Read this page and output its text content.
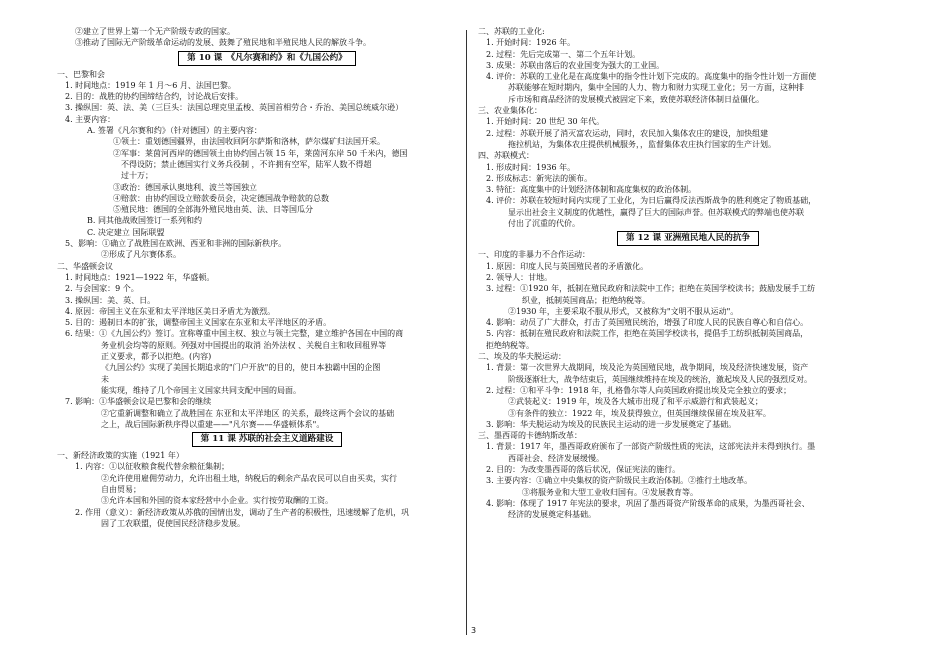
②建立了世界上第一个无产阶级专政的国家。
③推动了国际无产阶级革命运动的发展、鼓舞了殖民地和半殖民地人民的解放斗争。
第 10 课　《凡尔赛和约》和《九国公约》
一、巴黎和会
1. 时间地点：1919 年 1 月～6 月、法国巴黎。
2. 目的：战胜的协约国缔结合约，讨论战后安排。
3. 操纵国：英、法、美（三巨头：法国总理克里孟梭、英国首相劳合・乔治、美国总统威尔逊）
4. 主要内容：
A. 签署《凡尔赛和约》（针对德国）的主要内容：
①领土：重划德国疆界，由法国收回阿尔萨斯和洛林，萨尔煤矿归法国开采。
②军事：莱茵河西岸的德国领土由协约国占领 15 年，莱茵河东岸 50 千米内，德国
不得设防；禁止德国实行义务兵役制 ，不许拥有空军，陆军人数不得超
过十万；
③政治：德国承认奥地利、波兰等国独立
④赔款：由协约国设立赔款委员会，决定德国战争赔款的总数
⑤殖民地：德国的全部海外殖民地由英、法、日等国瓜分
B. 同其他战败国签订一系列和约
C. 决定建立 国际联盟
5、影响：①确立了战胜国在欧洲、西亚和非洲的国际新秩序。
②形成了凡尔赛体系。
二、华盛顿会议
1. 时间地点：1921—1922 年，华盛顿。
2. 与会国家：9 个。
3. 操纵国：美、英、日。
4. 原因：帝国主义在东亚和太平洋地区美日矛盾尤为激烈。
5. 目的：遏制日本的扩张，调整帝国主义国家在东亚和太平洋地区的矛盾。
6. 结果：①《九国公约》签订。宣称尊重中国主权、独立与领土完整，建立维护各国在中国的商
务业机会均等的原则。列强对中国提出的取消 治外法权 、关税自主和收回租界等
正义要求，都予以拒绝。(内容)
《九国公约》实现了美国长期追求的"门户开放"的目的，使日本独霸中国的企图
未
能实现，维持了几个帝国主义国家共同支配中国的局面。
7. 影响：①华盛顿会议是巴黎和会的继续
②它重新调整和确立了战胜国在 东亚和太平洋地区 的关系，最终这两个会议的基础
之上，战后国际新秩序得以重建——"凡尔赛——华盛顿体系"。
第 11 课 苏联的社会主义道路建设
一、新经济政策的实施（1921 年）
1. 内容：①以征收粮食税代替余粮征集制；
②允许使用雇佣劳动力，允许出租土地，纳税后的剩余产品农民可以自由买卖，实行
自由贸易；
③允许本国和外国的资本家经营中小企业。实行按劳取酬的工资。
2. 作用（意义）：新经济政策从苏俄的国情出发，调动了生产者的积极性，迅速缓解了危机，巩
固了工农联盟，促使国民经济稳步发展。
二、苏联的工业化:
1. 开始时间：1926 年。
2. 过程：先后完成第一、第二个五年计划。
3. 成果：苏联由落后的农业国变为强大的工业国。
4. 评价：苏联的工业化是在高度集中的指令性计划下完成的。高度集中的指令性计划一方面使
苏联能够在短时期内，集中全国的人力、物力和财力实现工业化；另一方面，这种排
斥市场和商品经济的发展模式被固定下来，致使苏联经济体制日益僵化。
三、农业集体化：
1. 开始时间：20 世纪 30 年代。
2. 过程：苏联开展了消灭富农运动，同时，农民加入集体农庄的建设，加快组建
拖拉机站，为集体农庄提供机械服务，，监督集体农庄执行国家的生产计划。
四、苏联模式：
1. 形成时间：1936 年。
2. 形成标志：新宪法的颁布。
3. 特征：高度集中的计划经济体制和高度集权的政治体制。
4. 评价：苏联在较短时间内实现了工业化，为日后赢得反法西斯战争的胜利奠定了物质基础，
显示出社会主义制度的优越性，赢得了巨大的国际声誉。但苏联模式的弊端也使苏联
付出了沉重的代价。
第 12 课 亚洲殖民地人民的抗争
一、印度的非暴力不合作运动：
1. 原因：印度人民与英国殖民者的矛盾激化。
2. 领导人：甘地。
3. 过程：①1920 年，抵制在殖民政府和法院中工作；拒绝在英国学校读书；鼓励发展手工纺
织业，抵制英国商品；拒绝纳税等。
②1930 年，主要采取不服从形式，又被称为"文明不服从运动"。
4. 影响：动员了广大群众，打击了英国殖民统治，增强了印度人民的民族自尊心和自信心。
5. 内容：抵制在殖民政府和法院工作，拒绝在英国学校读书，提倡手工纺织抵制英国商品，
拒绝纳税等。
二、埃及的华夫脱运动：
1. 背景：第一次世界大战期间，埃及沦为英国殖民地，战争期间，埃及经济快速发展，资产
阶级逐渐壮大，战争结束后，英国继续维持在埃及的统治，激起埃及人民的强烈反对。
2. 过程：①和平斗争：1918 年，扎格鲁尔等人向英国政府提出埃及完全独立的要求；
②武装起义：1919 年，埃及各大城市出现了和平示威游行和武装起义；
③有条件的独立：1922 年，埃及获得独立，但英国继续保留在埃及驻军。
3. 影响：华夫脱运动为埃及的民族民主运动的进一步发展奠定了基础。
三、墨西哥的卡德纳斯改革：
1. 背景：1917 年，墨西哥政府颁布了一部资产阶级性质的宪法，这部宪法并未得到执行。墨
西哥社会、经济发展缓慢。
2. 目的：为改变墨西哥的落后状况，保证宪法的施行。
3. 主要内容：①确立中央集权的资产阶级民主政治体制。②推行土地改革。
③将服务业和大型工业收归国有。④发展教育等。
4. 影响：体现了 1917 年宪法的要求，巩固了墨西哥资产阶级革命的成果，为墨西哥社会、
经济的发展奠定科基础。
3
